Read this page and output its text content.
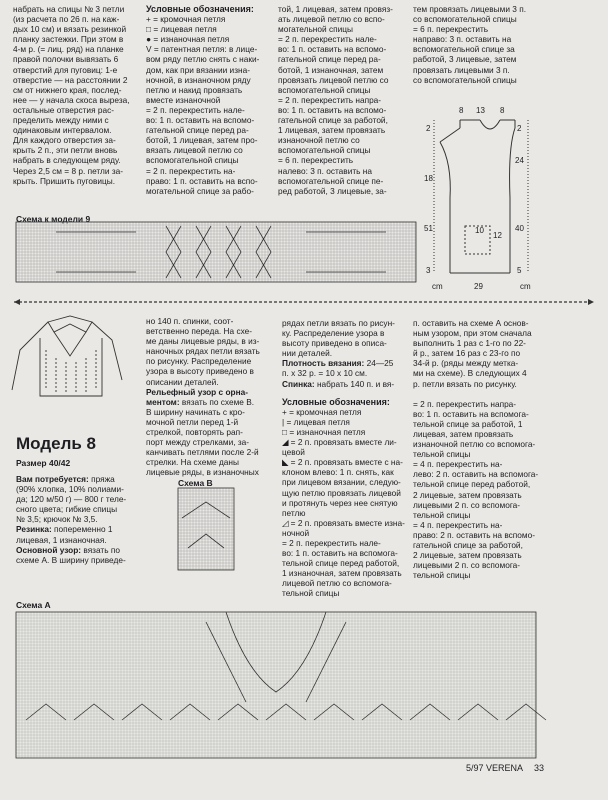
набрать на спицы № 3 петли
(из расчета по 26 п. на каж-
дых 10 см) и вязать резинкой
планку застежки. При этом в
4-м р. (= лиц. ряд) на планке
правой полочки вывязать 6
отверстий для пуговиц: 1-е
отверстие — на расстоянии 2
см от нижнего края, послед-
нее — у начала скоса выреза,
остальные отверстия рас-
пределить между ними с
одинаковым интервалом.
Для каждого отверстия за-
крыть 2 п., эти петли вновь
набрать в следующем ряду.
Через 2,5 см = 8 р. петли за-
крыть. Пришить пуговицы.
Условные обозначения:
+ = кромочная петля
□ = лицевая петля
● = изнаночная петля
V = патентная петля: в лице-
вом ряду петлю снять с наки-
дом, как при вязании изна-
ночной, в изнаночном ряду
петлю и накид провязать
вместе изнаночной
= 2 п. перекрестить нале-
во: 1 п. оставить на вспомо-
гательной спице перед ра-
ботой, 1 лицевая, затем про-
вязать лицевой петлю со
вспомогательной спицы
= 2 п. перекрестить на-
право: 1 п. оставить на вспо-
могательной спице за рабо-
той, 1 лицевая, затем провяз-
ать лицевой петлю со вспо-
могательной спицы
= 2 п. перекрестить нале-
во: 1 п. оставить на вспомо-
гательной спице перед ра-
ботой, 1 изнаночная, затем
провязать лицевой петлю со
вспомогательной спицы
= 2 п. перекрестить напра-
во: 1 п. оставить на вспомо-
гательной спице за работой,
1 лицевая, затем провязать
изнаночной петлю со
вспомогательной спицы
= 6 п. перекрестить
налево: 3 п. оставить на
вспомогательной спице пе-
ред работой, 3 лицевые, за-
тем провязать лицевыми 3 п.
со вспомогательной спицы
= 6 п. перекрестить
направо: 3 п. оставить на
вспомогательной спице за
работой, 3 лицевые, затем
провязать лицевыми 3 п.
со вспомогательной спицы
8 13 8
2
18
51
3
2
24
40
5
10
12
29
cm	cm
Схема к модели 9
Модель 8
Размер 40/42
Вам потребуется: пряжа
(90% хлопка, 10% полиами-
да; 120 м/50 г) — 800 г теле-
сного цвета; гибкие спицы
№ 3,5; крючок № 3,5.
Резинка: попеременно 1
лицевая, 1 изнаночная.
Основной узор: вязать по
схеме А. В ширину приведе-
но 140 п. спинки, соот-
ветственно переда. На схе-
ме даны лицевые ряды, в из-
наночных рядах петли вязать
по рисунку. Распределение
узора в высоту приведено в
описании деталей.
Рельефный узор с орна-
ментом: вязать по схеме В.
В ширину начинать с кро-
мочной петли перед 1-й
стрелкой, повторять рап-
порт между стрелками, за-
канчивать петлями после 2-й
стрелки. На схеме даны
лицевые ряды, в изнаночных
Схема В
рядах петли вязать по рисун-
ку. Распределение узора в
высоту приведено в описа-
нии деталей.
Плотность вязания: 24—25
п. х 32 р. = 10 х 10 см.
Спинка: набрать 140 п. и вя-
Условные обозначения:
+ = кромочная петля
| = лицевая петля
□ = изнаночная петля
◢ = 2 п. провязать вместе ли-
цевой
◣ = 2 п. провязать вместе с на-
клоном влево: 1 п. снять, как
при лицевом вязании, следую-
щую петлю провязать лицевой
и протянуть через нее снятую
петлю
◿ = 2 п. провязать вместе изна-
ночной
= 2 п. перекрестить нале-
во: 1 п. оставить на вспомога-
тельной спице перед работой,
1 изнаночная, затем провязать
лицевой петлю со вспомога-
тельной спицы
п. оставить на схеме А основ-
ным узором, при этом сначала
выполнить 1 раз с 1-го по 22-
й р., затем 16 раз с 23-го по
34-й р. (ряды между метка-
ми на схеме). В следующих 4
р. петли вязать по рисунку.
= 2 п. перекрестить напра-
во: 1 п. оставить на вспомога-
тельной спице за работой, 1
лицевая, затем провязать
изнаночной петлю со вспомога-
тельной спицы
= 4 п. перекрестить на-
лево: 2 п. оставить на вспомога-
тельной спице перед работой,
2 лицевые, затем провязать
лицевыми 2 п. со вспомога-
тельной спицы
= 4 п. перекрестить на-
право: 2 п. оставить на вспомо-
гательной спице за работой,
2 лицевые, затем провязать
лицевыми 2 п. со вспомога-
тельной спицы
Схема А
5/97 VERENA 33
